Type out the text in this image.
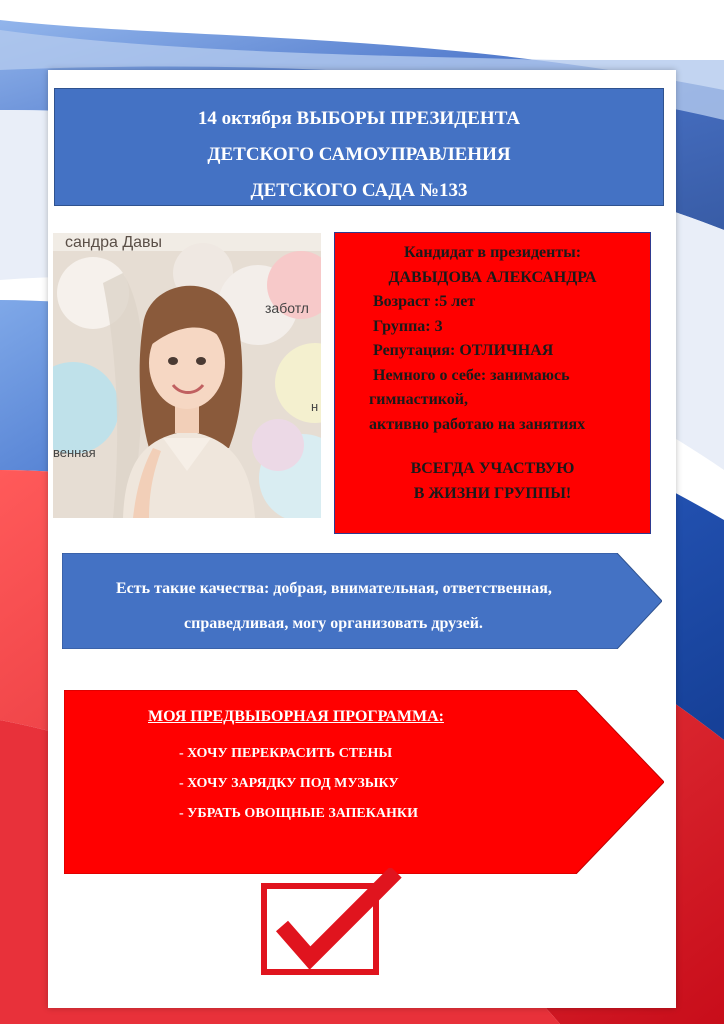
14 октября ВЫБОРЫ ПРЕЗИДЕНТА
ДЕТСКОГО САМОУПРАВЛЕНИЯ
ДЕТСКОГО САДА №133
сандра Давы
заботл
н
венная
Кандидат в президенты:
ДАВЫДОВА АЛЕКСАНДРА
Возраст :5 лет
Группа: 3
Репутация: ОТЛИЧНАЯ
Немного о себе: занимаюсь
гимнастикой,
активно работаю на занятиях
ВСЕГДА УЧАСТВУЮ
В ЖИЗНИ ГРУППЫ!
Есть такие качества: добрая, внимательная, ответственная,
справедливая, могу организовать друзей.
МОЯ ПРЕДВЫБОРНАЯ ПРОГРАММА:
- ХОЧУ ПЕРЕКРАСИТЬ СТЕНЫ
- ХОЧУ ЗАРЯДКУ ПОД МУЗЫКУ
- УБРАТЬ ОВОЩНЫЕ ЗАПЕКАНКИ
